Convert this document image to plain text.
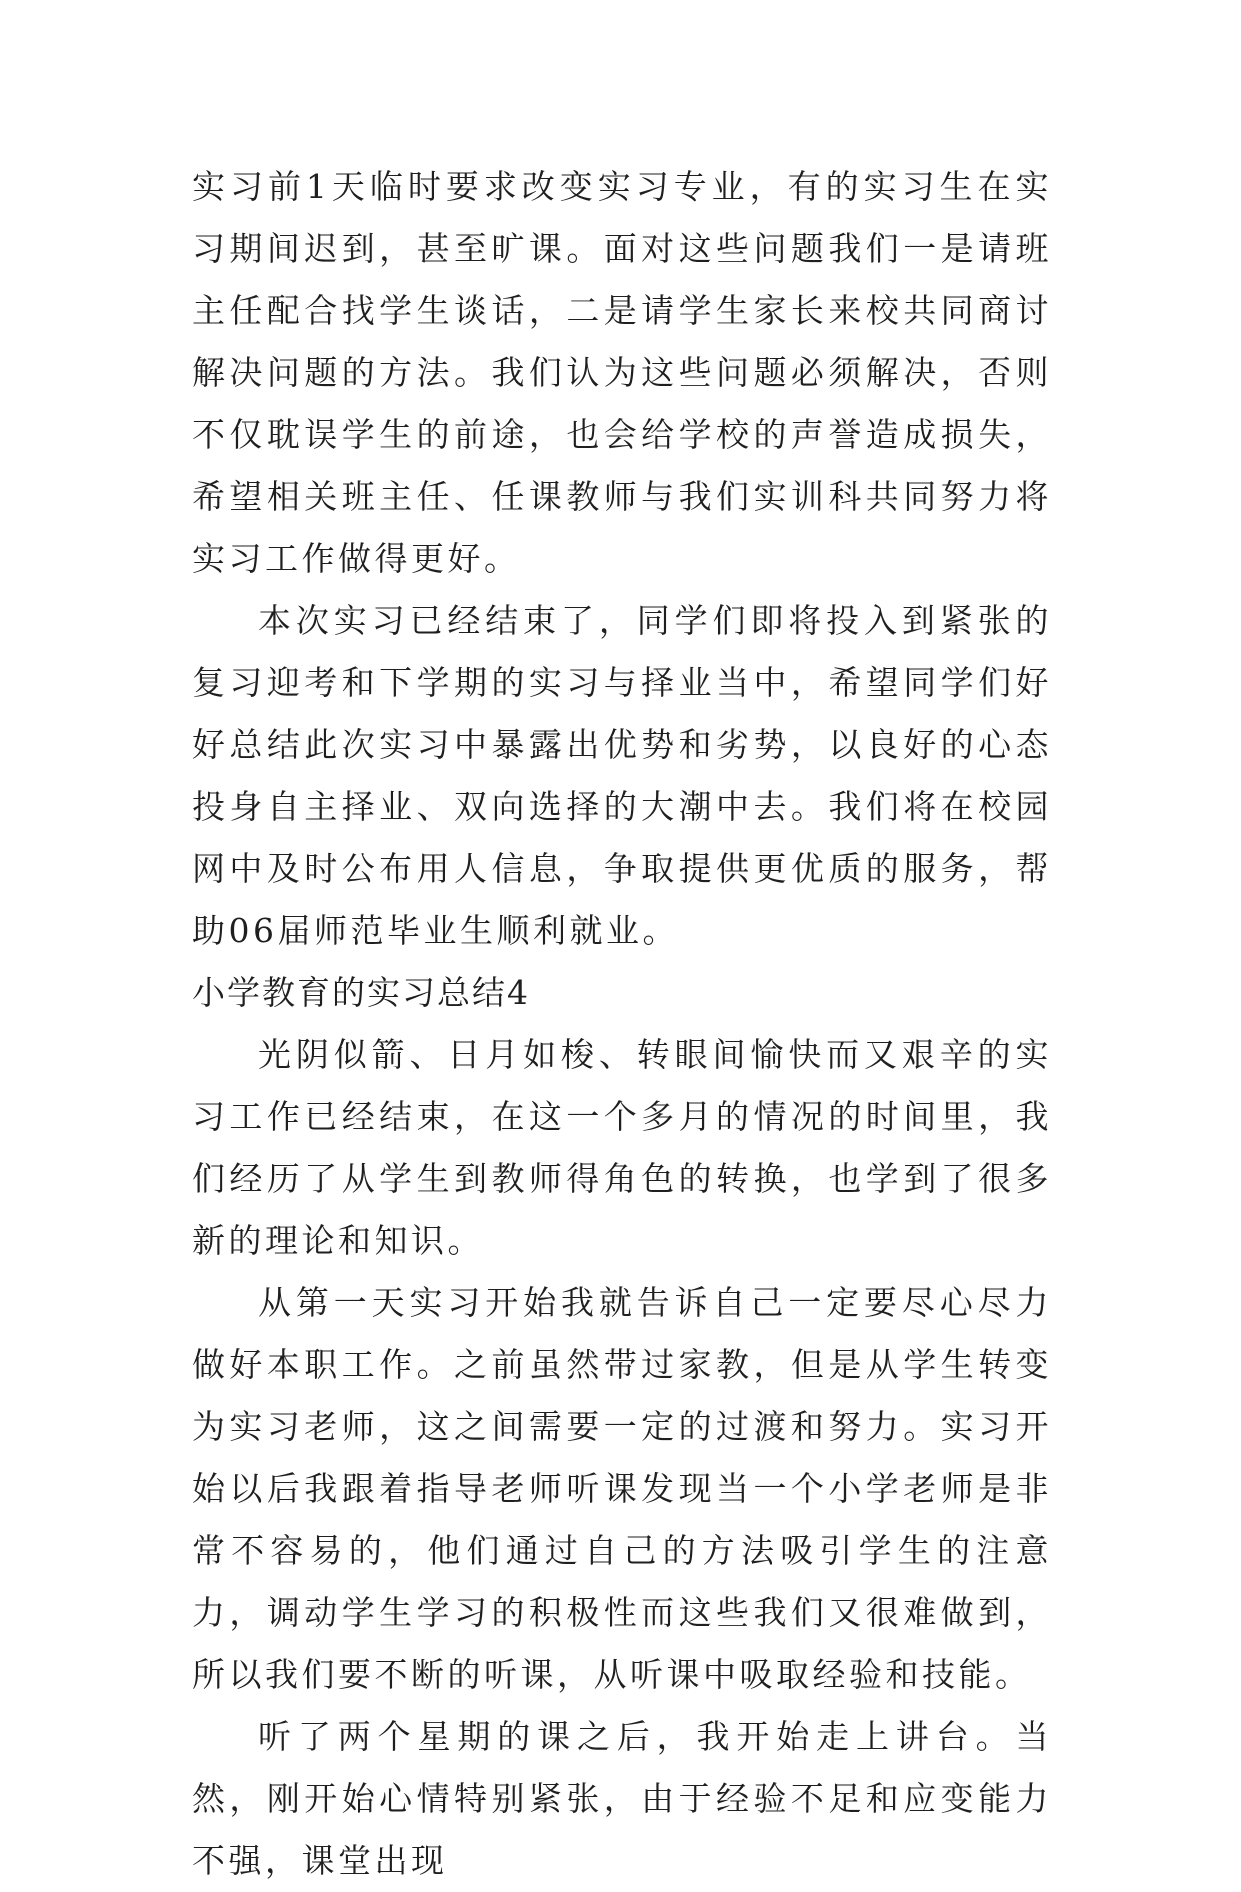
实习前1天临时要求改变实习专业，有的实习生在实习期间迟到，甚至旷课。面对这些问题我们一是请班主任配合找学生谈话，二是请学生家长来校共同商讨解决问题的方法。我们认为这些问题必须解决，否则不仅耽误学生的前途，也会给学校的声誉造成损失，希望相关班主任、任课教师与我们实训科共同努力将实习工作做得更好。

本次实习已经结束了，同学们即将投入到紧张的复习迎考和下学期的实习与择业当中，希望同学们好好总结此次实习中暴露出优势和劣势，以良好的心态投身自主择业、双向选择的大潮中去。我们将在校园网中及时公布用人信息，争取提供更优质的服务，帮助06届师范毕业生顺利就业。

小学教育的实习总结4

光阴似箭、日月如梭、转眼间愉快而又艰辛的实习工作已经结束，在这一个多月的情况的时间里，我们经历了从学生到教师得角色的转换，也学到了很多新的理论和知识。

从第一天实习开始我就告诉自己一定要尽心尽力做好本职工作。之前虽然带过家教，但是从学生转变为实习老师，这之间需要一定的过渡和努力。实习开始以后我跟着指导老师听课发现当一个小学老师是非常不容易的，他们通过自己的方法吸引学生的注意力，调动学生学习的积极性而这些我们又很难做到，所以我们要不断的听课，从听课中吸取经验和技能。

听了两个星期的课之后，我开始走上讲台。当然，刚开始心情特别紧张，由于经验不足和应变能力不强，课堂出现
